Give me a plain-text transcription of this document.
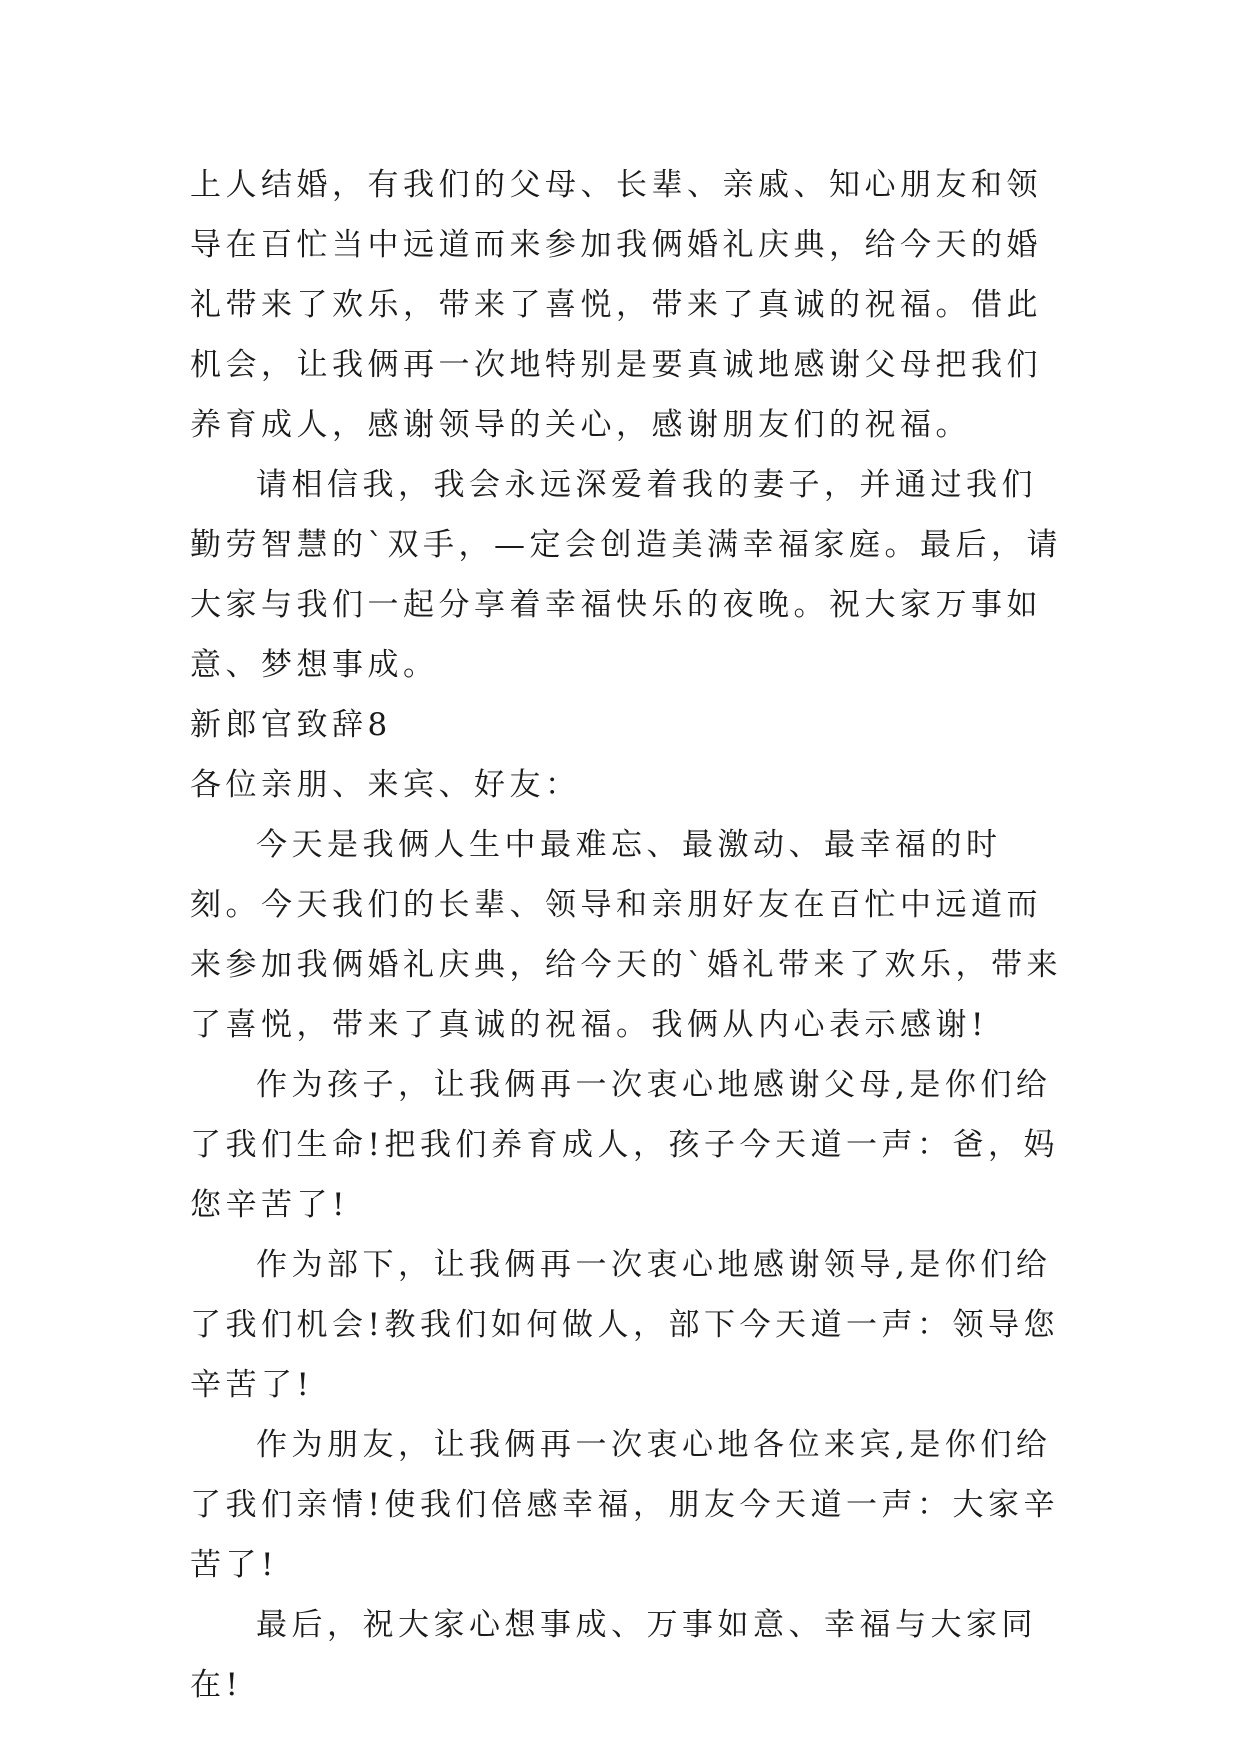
上人结婚，有我们的父母、长辈、亲戚、知心朋友和领导在百忙当中远道而来参加我俩婚礼庆典，给今天的婚礼带来了欢乐，带来了喜悦，带来了真诚的祝福。借此机会，让我俩再一次地特别是要真诚地感谢父母把我们养育成人，感谢领导的关心，感谢朋友们的祝福。

请相信我，我会永远深爱着我的妻子，并通过我们勤劳智慧的`双手，—定会创造美满幸福家庭。最后，请大家与我们一起分享着幸福快乐的夜晚。祝大家万事如意、梦想事成。

新郎官致辞8

各位亲朋、来宾、好友：

今天是我俩人生中最难忘、最激动、最幸福的时刻。今天我们的长辈、领导和亲朋好友在百忙中远道而来参加我俩婚礼庆典，给今天的`婚礼带来了欢乐，带来了喜悦，带来了真诚的祝福。我俩从内心表示感谢!

作为孩子，让我俩再一次衷心地感谢父母,是你们给了我们生命!把我们养育成人，孩子今天道一声：爸，妈您辛苦了!

作为部下，让我俩再一次衷心地感谢领导,是你们给了我们机会!教我们如何做人，部下今天道一声：领导您辛苦了!

作为朋友，让我俩再一次衷心地各位来宾,是你们给了我们亲情!使我们倍感幸福，朋友今天道一声：大家辛苦了!

最后，祝大家心想事成、万事如意、幸福与大家同在!
